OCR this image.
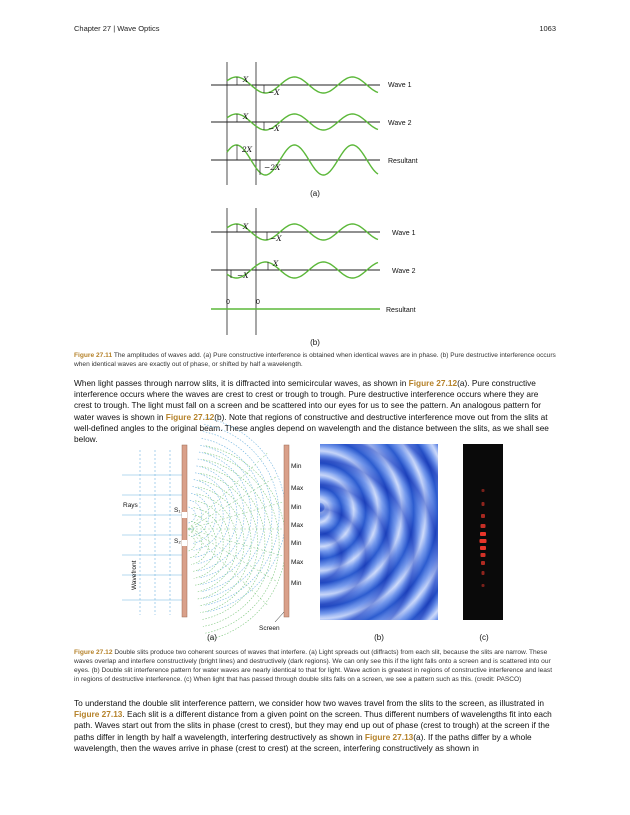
Chapter 27 | Wave Optics	1063
Wave 1
X
−X
Wave 2
X
−X
Resultant
2X
−2X
(a)
Wave 1
X
−X
Wave 2
X
−X
Resultant
0	0
(b)
Figure 27.11 The amplitudes of waves add. (a) Pure constructive interference is obtained when identical waves are in phase. (b) Pure destructive interference occurs when identical waves are exactly out of phase, or shifted by half a wavelength.
When light passes through narrow slits, it is diffracted into semicircular waves, as shown in Figure 27.12(a). Pure constructive interference occurs where the waves are crest to crest or trough to trough. Pure destructive interference occurs where they are crest to trough. The light must fall on a screen and be scattered into our eyes for us to see the pattern. An analogous pattern for water waves is shown in Figure 27.12(b). Note that regions of constructive and destructive interference move out from the slits at well-defined angles to the original beam. These angles depend on wavelength and the distance between the slits, as we shall see below.
Min
Max
Min
Max
Min
Max
Min
Rays
Wavefront
S₁
S₂
Screen
(a)	(b)	(c)
Figure 27.12 Double slits produce two coherent sources of waves that interfere. (a) Light spreads out (diffracts) from each slit, because the slits are narrow. These waves overlap and interfere constructively (bright lines) and destructively (dark regions). We can only see this if the light falls onto a screen and is scattered into our eyes. (b) Double slit interference pattern for water waves are nearly identical to that for light. Wave action is greatest in regions of constructive interference and least in regions of destructive interference. (c) When light that has passed through double slits falls on a screen, we see a pattern such as this. (credit: PASCO)
To understand the double slit interference pattern, we consider how two waves travel from the slits to the screen, as illustrated in Figure 27.13. Each slit is a different distance from a given point on the screen. Thus different numbers of wavelengths fit into each path. Waves start out from the slits in phase (crest to crest), but they may end up out of phase (crest to trough) at the screen if the paths differ in length by half a wavelength, interfering destructively as shown in Figure 27.13(a). If the paths differ by a whole wavelength, then the waves arrive in phase (crest to crest) at the screen, interfering constructively as shown in
